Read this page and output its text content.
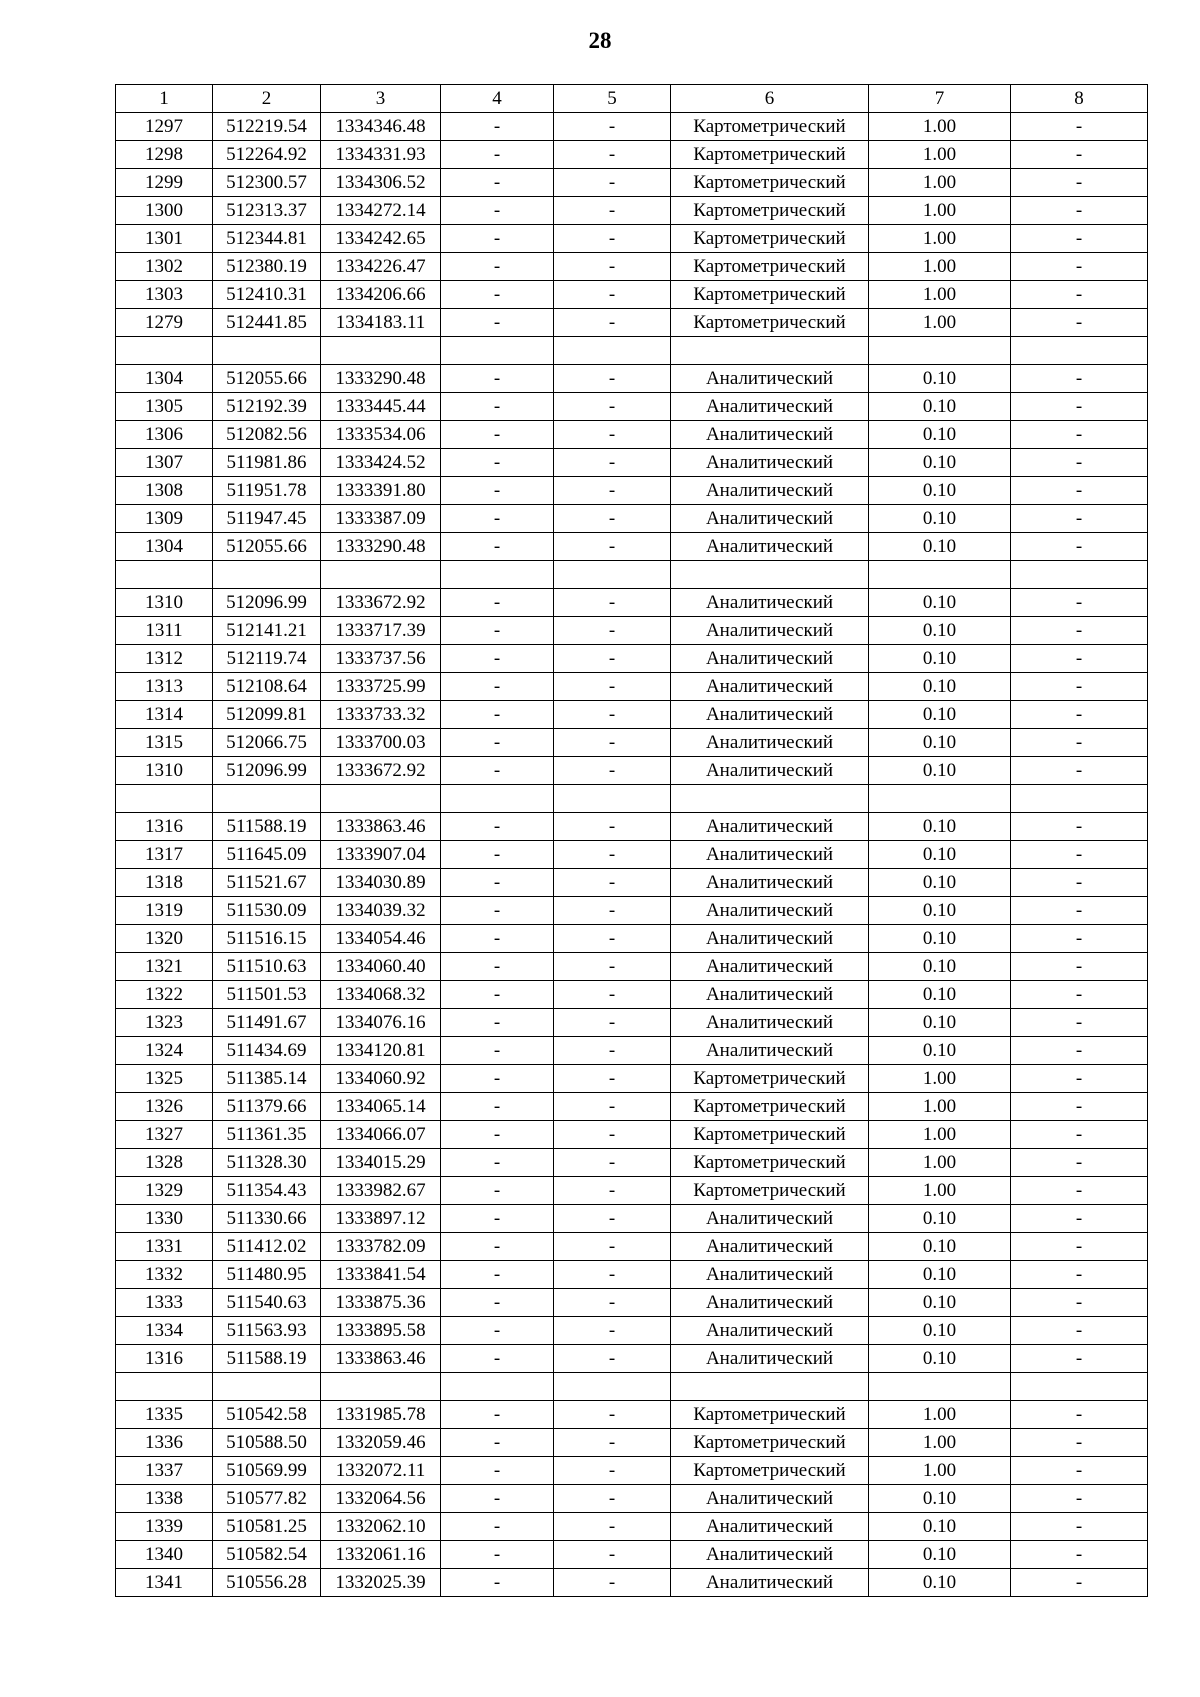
28
1	2	3	4	5	6	7	8
1297	512219.54	1334346.48	-	-	Картометрический	1.00	-
1298	512264.92	1334331.93	-	-	Картометрический	1.00	-
1299	512300.57	1334306.52	-	-	Картометрический	1.00	-
1300	512313.37	1334272.14	-	-	Картометрический	1.00	-
1301	512344.81	1334242.65	-	-	Картометрический	1.00	-
1302	512380.19	1334226.47	-	-	Картометрический	1.00	-
1303	512410.31	1334206.66	-	-	Картометрический	1.00	-
1279	512441.85	1334183.11	-	-	Картометрический	1.00	-

1304	512055.66	1333290.48	-	-	Аналитический	0.10	-
1305	512192.39	1333445.44	-	-	Аналитический	0.10	-
1306	512082.56	1333534.06	-	-	Аналитический	0.10	-
1307	511981.86	1333424.52	-	-	Аналитический	0.10	-
1308	511951.78	1333391.80	-	-	Аналитический	0.10	-
1309	511947.45	1333387.09	-	-	Аналитический	0.10	-
1304	512055.66	1333290.48	-	-	Аналитический	0.10	-

1310	512096.99	1333672.92	-	-	Аналитический	0.10	-
1311	512141.21	1333717.39	-	-	Аналитический	0.10	-
1312	512119.74	1333737.56	-	-	Аналитический	0.10	-
1313	512108.64	1333725.99	-	-	Аналитический	0.10	-
1314	512099.81	1333733.32	-	-	Аналитический	0.10	-
1315	512066.75	1333700.03	-	-	Аналитический	0.10	-
1310	512096.99	1333672.92	-	-	Аналитический	0.10	-

1316	511588.19	1333863.46	-	-	Аналитический	0.10	-
1317	511645.09	1333907.04	-	-	Аналитический	0.10	-
1318	511521.67	1334030.89	-	-	Аналитический	0.10	-
1319	511530.09	1334039.32	-	-	Аналитический	0.10	-
1320	511516.15	1334054.46	-	-	Аналитический	0.10	-
1321	511510.63	1334060.40	-	-	Аналитический	0.10	-
1322	511501.53	1334068.32	-	-	Аналитический	0.10	-
1323	511491.67	1334076.16	-	-	Аналитический	0.10	-
1324	511434.69	1334120.81	-	-	Аналитический	0.10	-
1325	511385.14	1334060.92	-	-	Картометрический	1.00	-
1326	511379.66	1334065.14	-	-	Картометрический	1.00	-
1327	511361.35	1334066.07	-	-	Картометрический	1.00	-
1328	511328.30	1334015.29	-	-	Картометрический	1.00	-
1329	511354.43	1333982.67	-	-	Картометрический	1.00	-
1330	511330.66	1333897.12	-	-	Аналитический	0.10	-
1331	511412.02	1333782.09	-	-	Аналитический	0.10	-
1332	511480.95	1333841.54	-	-	Аналитический	0.10	-
1333	511540.63	1333875.36	-	-	Аналитический	0.10	-
1334	511563.93	1333895.58	-	-	Аналитический	0.10	-
1316	511588.19	1333863.46	-	-	Аналитический	0.10	-

1335	510542.58	1331985.78	-	-	Картометрический	1.00	-
1336	510588.50	1332059.46	-	-	Картометрический	1.00	-
1337	510569.99	1332072.11	-	-	Картометрический	1.00	-
1338	510577.82	1332064.56	-	-	Аналитический	0.10	-
1339	510581.25	1332062.10	-	-	Аналитический	0.10	-
1340	510582.54	1332061.16	-	-	Аналитический	0.10	-
1341	510556.28	1332025.39	-	-	Аналитический	0.10	-
